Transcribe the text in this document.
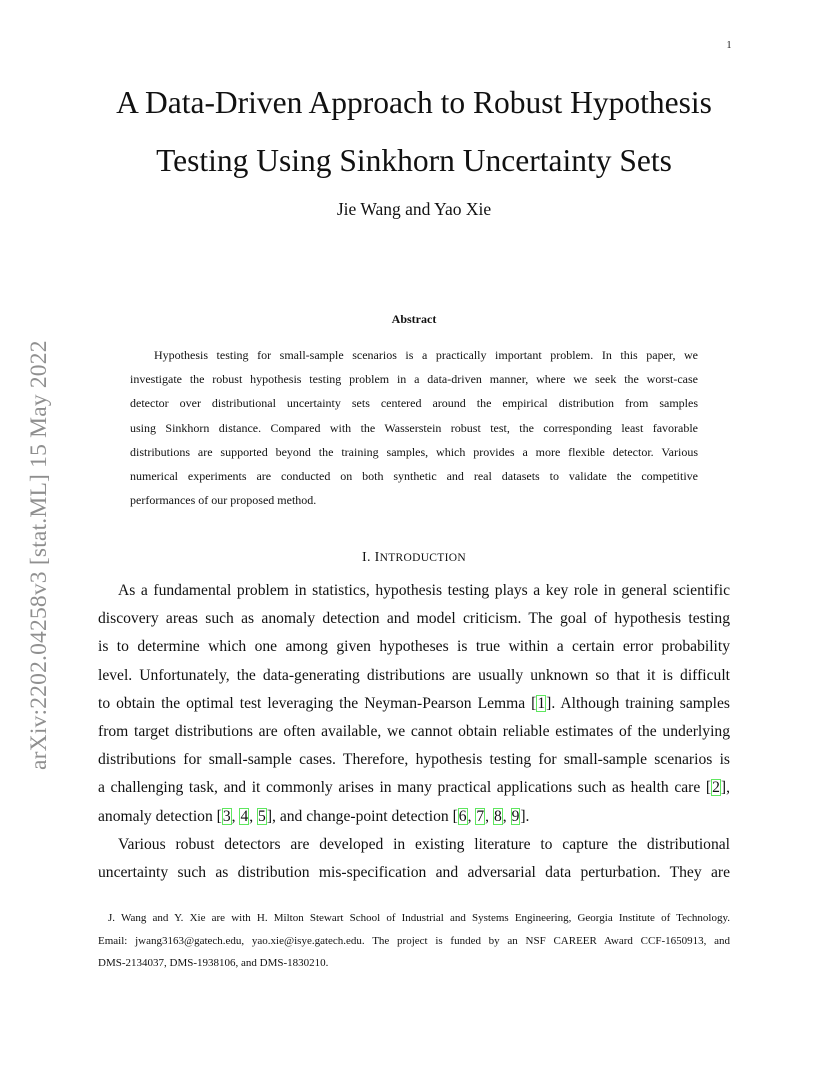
1
arXiv:2202.04258v3 [stat.ML] 15 May 2022
A Data-Driven Approach to Robust Hypothesis
Testing Using Sinkhorn Uncertainty Sets
Jie Wang and Yao Xie
Abstract
Hypothesis testing for small-sample scenarios is a practically important problem. In this paper, we
investigate the robust hypothesis testing problem in a data-driven manner, where we seek the worst-case
detector over distributional uncertainty sets centered around the empirical distribution from samples
using Sinkhorn distance. Compared with the Wasserstein robust test, the corresponding least favorable
distributions are supported beyond the training samples, which provides a more flexible detector. Various
numerical experiments are conducted on both synthetic and real datasets to validate the competitive
performances of our proposed method.
I. INTRODUCTION
As a fundamental problem in statistics, hypothesis testing plays a key role in general scientific
discovery areas such as anomaly detection and model criticism. The goal of hypothesis testing
is to determine which one among given hypotheses is true within a certain error probability
level. Unfortunately, the data-generating distributions are usually unknown so that it is difficult
to obtain the optimal test leveraging the Neyman-Pearson Lemma [1]. Although training samples
from target distributions are often available, we cannot obtain reliable estimates of the underlying
distributions for small-sample cases. Therefore, hypothesis testing for small-sample scenarios is
a challenging task, and it commonly arises in many practical applications such as health care [2],
anomaly detection [3, 4, 5], and change-point detection [6, 7, 8, 9].
Various robust detectors are developed in existing literature to capture the distributional
uncertainty such as distribution mis-specification and adversarial data perturbation. They are
J. Wang and Y. Xie are with H. Milton Stewart School of Industrial and Systems Engineering, Georgia Institute of Technology.
Email: jwang3163@gatech.edu, yao.xie@isye.gatech.edu. The project is funded by an NSF CAREER Award CCF-1650913, and
DMS-2134037, DMS-1938106, and DMS-1830210.
